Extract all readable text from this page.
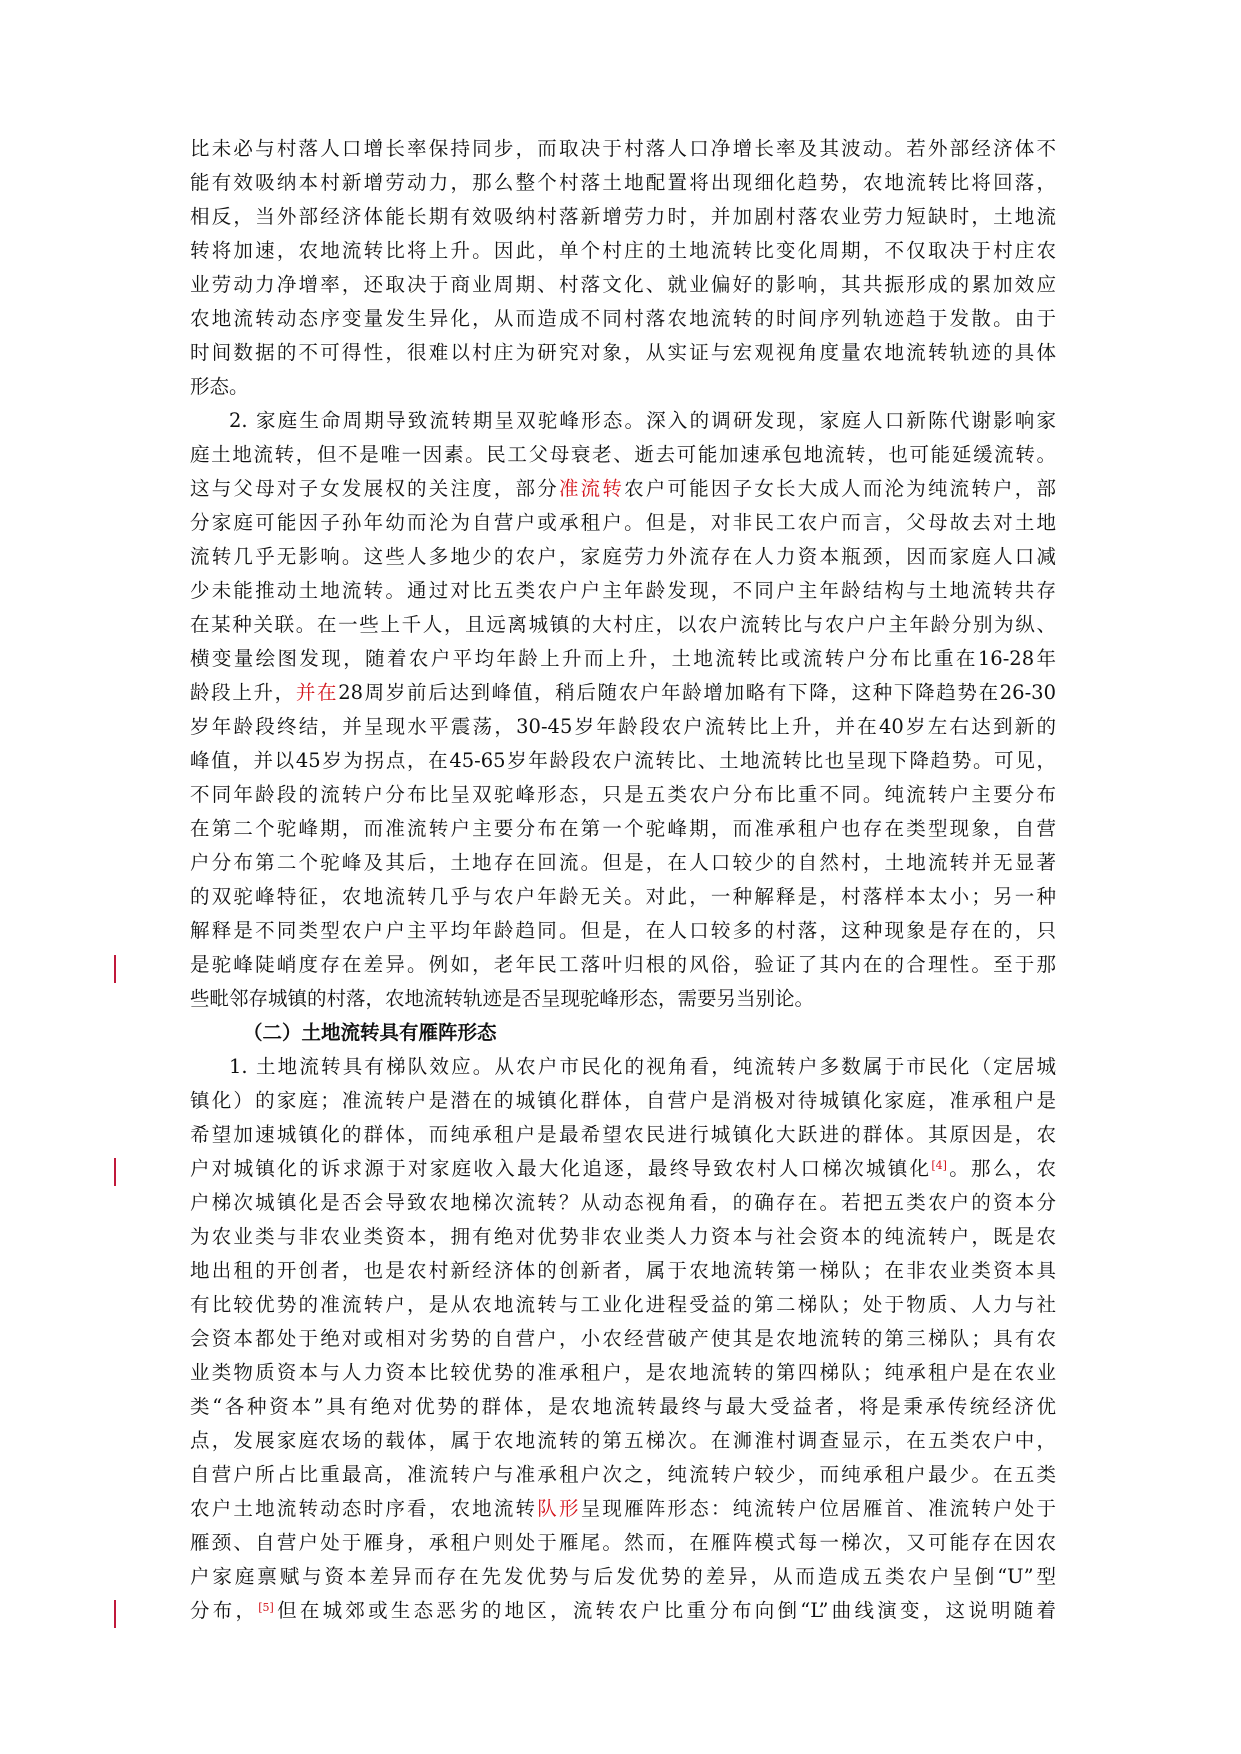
比未必与村落人口增长率保持同步，而取决于村落人口净增长率及其波动。若外部经济体不
能有效吸纳本村新增劳动力，那么整个村落土地配置将出现细化趋势，农地流转比将回落，
相反，当外部经济体能长期有效吸纳村落新增劳力时，并加剧村落农业劳力短缺时，土地流
转将加速，农地流转比将上升。因此，单个村庄的土地流转比变化周期，不仅取决于村庄农
业劳动力净增率，还取决于商业周期、村落文化、就业偏好的影响，其共振形成的累加效应
农地流转动态序变量发生异化，从而造成不同村落农地流转的时间序列轨迹趋于发散。由于
时间数据的不可得性，很难以村庄为研究对象，从实证与宏观视角度量农地流转轨迹的具体
形态。
2. 家庭生命周期导致流转期呈双驼峰形态。深入的调研发现，家庭人口新陈代谢影响家
庭土地流转，但不是唯一因素。民工父母衰老、逝去可能加速承包地流转，也可能延缓流转。
这与父母对子女发展权的关注度，部分准流转农户可能因子女长大成人而沦为纯流转户，部
分家庭可能因子孙年幼而沦为自营户或承租户。但是，对非民工农户而言，父母故去对土地
流转几乎无影响。这些人多地少的农户，家庭劳力外流存在人力资本瓶颈，因而家庭人口减
少未能推动土地流转。通过对比五类农户户主年龄发现，不同户主年龄结构与土地流转共存
在某种关联。在一些上千人，且远离城镇的大村庄，以农户流转比与农户户主年龄分别为纵、
横变量绘图发现，随着农户平均年龄上升而上升，土地流转比或流转户分布比重在16-28年
龄段上升，并在28周岁前后达到峰值，稍后随农户年龄增加略有下降，这种下降趋势在26-30
岁年龄段终结，并呈现水平震荡，30-45岁年龄段农户流转比上升，并在40岁左右达到新的
峰值，并以45岁为拐点，在45-65岁年龄段农户流转比、土地流转比也呈现下降趋势。可见，
不同年龄段的流转户分布比呈双驼峰形态，只是五类农户分布比重不同。纯流转户主要分布
在第二个驼峰期，而准流转户主要分布在第一个驼峰期，而准承租户也存在类型现象，自营
户分布第二个驼峰及其后，土地存在回流。但是，在人口较少的自然村，土地流转并无显著
的双驼峰特征，农地流转几乎与农户年龄无关。对此，一种解释是，村落样本太小；另一种
解释是不同类型农户户主平均年龄趋同。但是，在人口较多的村落，这种现象是存在的，只
是驼峰陡峭度存在差异。例如，老年民工落叶归根的风俗，验证了其内在的合理性。至于那
些毗邻存城镇的村落，农地流转轨迹是否呈现驼峰形态，需要另当别论。
（二）土地流转具有雁阵形态
1. 土地流转具有梯队效应。从农户市民化的视角看，纯流转户多数属于市民化（定居城
镇化）的家庭；准流转户是潜在的城镇化群体，自营户是消极对待城镇化家庭，准承租户是
希望加速城镇化的群体，而纯承租户是最希望农民进行城镇化大跃进的群体。其原因是，农
户对城镇化的诉求源于对家庭收入最大化追逐，最终导致农村人口梯次城镇化[4]。那么，农
户梯次城镇化是否会导致农地梯次流转？从动态视角看，的确存在。若把五类农户的资本分
为农业类与非农业类资本，拥有绝对优势非农业类人力资本与社会资本的纯流转户，既是农
地出租的开创者，也是农村新经济体的创新者，属于农地流转第一梯队；在非农业类资本具
有比较优势的准流转户，是从农地流转与工业化进程受益的第二梯队；处于物质、人力与社
会资本都处于绝对或相对劣势的自营户，小农经营破产使其是农地流转的第三梯队；具有农
业类物质资本与人力资本比较优势的准承租户，是农地流转的第四梯队；纯承租户是在农业
类“各种资本”具有绝对优势的群体，是农地流转最终与最大受益者，将是秉承传统经济优
点，发展家庭农场的载体，属于农地流转的第五梯次。在浉淮村调查显示，在五类农户中，
自营户所占比重最高，准流转户与准承租户次之，纯流转户较少，而纯承租户最少。在五类
农户土地流转动态时序看，农地流转队形呈现雁阵形态：纯流转户位居雁首、准流转户处于
雁颈、自营户处于雁身，承租户则处于雁尾。然而，在雁阵模式每一梯次，又可能存在因农
户家庭禀赋与资本差异而存在先发优势与后发优势的差异，从而造成五类农户呈倒“U”型
分布，[5]但在城郊或生态恶劣的地区，流转农户比重分布向倒“L”曲线演变，这说明随着
